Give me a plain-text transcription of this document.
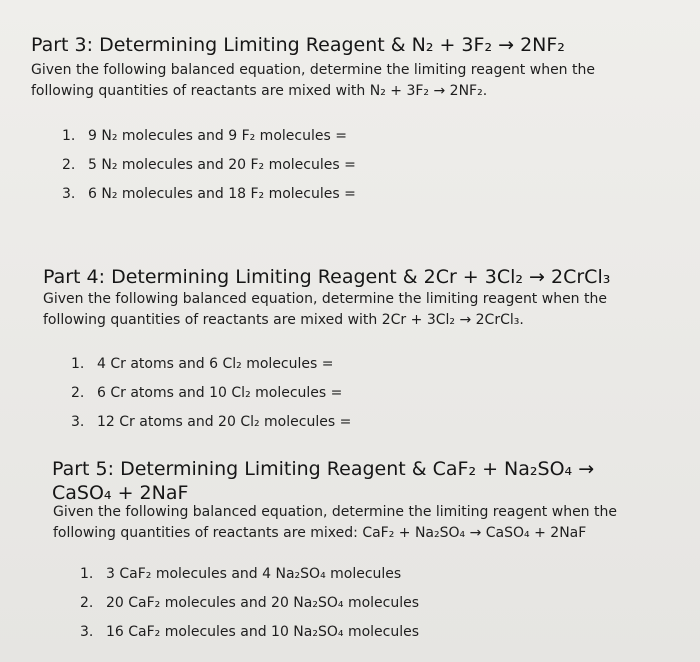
Part 3: Determining Limiting Reagent & N₂ + 3F₂ → 2NF₂

Given the following balanced equation, determine the limiting reagent when the following quantities of reactants are mixed with N₂ + 3F₂ → 2NF₂.

1. 9 N₂ molecules and 9 F₂ molecules =
2. 5 N₂ molecules and 20 F₂ molecules =
3. 6 N₂ molecules and 18 F₂ molecules =
Part 4: Determining Limiting Reagent & 2Cr + 3Cl₂ → 2CrCl₃

Given the following balanced equation, determine the limiting reagent when the following quantities of reactants are mixed with 2Cr + 3Cl₂ → 2CrCl₃.

1. 4 Cr atoms and 6 Cl₂ molecules =
2. 6 Cr atoms and 10 Cl₂ molecules =
3. 12 Cr atoms and 20 Cl₂ molecules =
Part 5: Determining Limiting Reagent & CaF₂ + Na₂SO₄ → CaSO₄ + 2NaF

Given the following balanced equation, determine the limiting reagent when the following quantities of reactants are mixed: CaF₂ + Na₂SO₄ → CaSO₄ + 2NaF

1. 3 CaF₂ molecules and 4 Na₂SO₄ molecules
2. 20 CaF₂ molecules and 20 Na₂SO₄ molecules
3. 16 CaF₂ molecules and 10 Na₂SO₄ molecules
